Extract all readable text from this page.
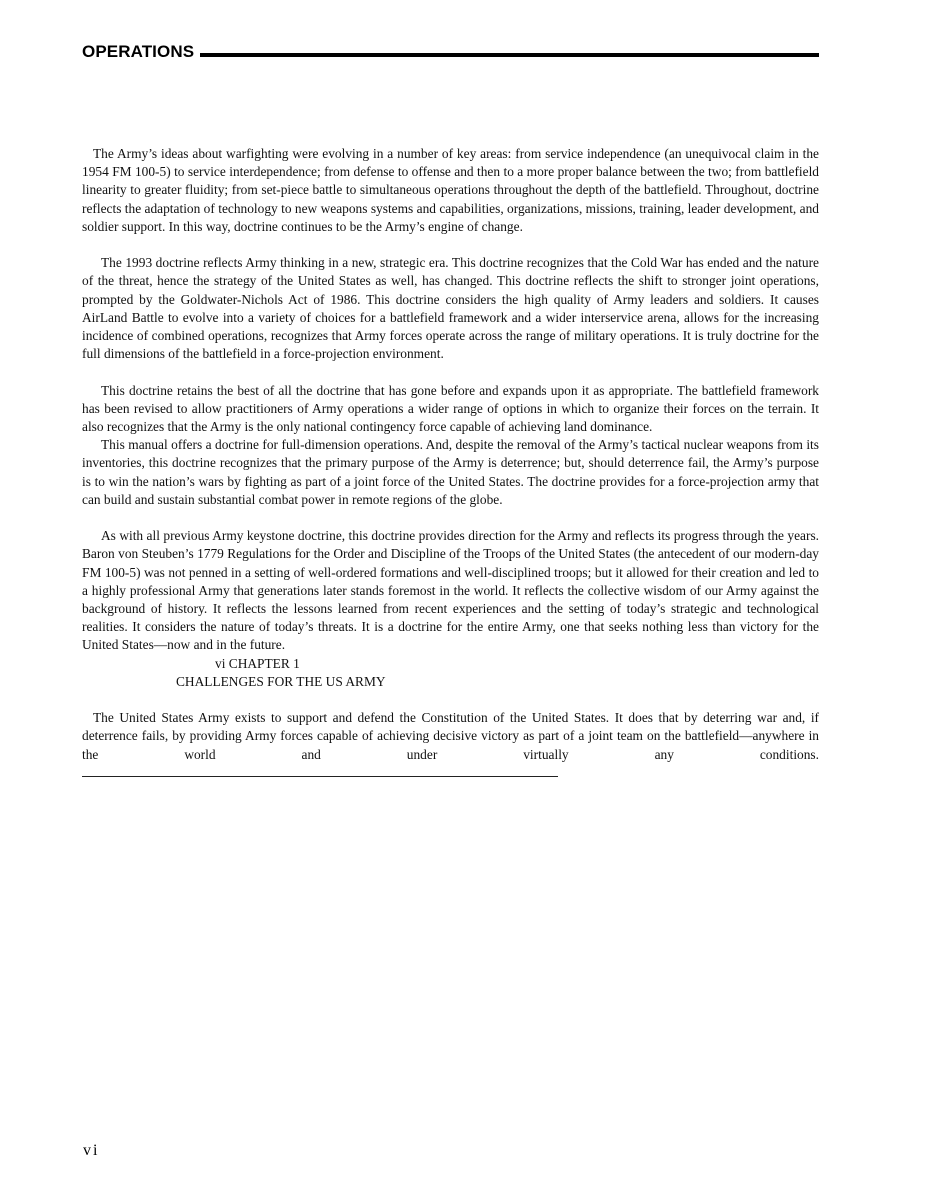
OPERATIONS

The Army’s ideas about warfighting were evolving in a number of key areas: from service independence (an unequivocal claim in the 1954 FM 100-5) to service interdependence; from defense to offense and then to a more proper balance between the two; from battlefield linearity to greater fluidity; from set-piece battle to simultaneous operations throughout the depth of the battlefield. Throughout, doctrine reflects the adaptation of technology to new weapons systems and capabilities, organizations, missions, training, leader development, and soldier support. In this way, doctrine continues to be the Army’s engine of change.

The 1993 doctrine reflects Army thinking in a new, strategic era. This doctrine recognizes that the Cold War has ended and the nature of the threat, hence the strategy of the United States as well, has changed. This doctrine reflects the shift to stronger joint operations, prompted by the Goldwater-Nichols Act of 1986. This doctrine considers the high quality of Army leaders and soldiers. It causes AirLand Battle to evolve into a variety of choices for a battlefield framework and a wider interservice arena, allows for the increasing incidence of combined operations, recognizes that Army forces operate across the range of military operations. It is truly doctrine for the full dimensions of the battlefield in a force-projection environment.

This doctrine retains the best of all the doctrine that has gone before and expands upon it as appropriate. The battlefield framework has been revised to allow practitioners of Army operations a wider range of options in which to organize their forces on the terrain. It also recognizes that the Army is the only national contingency force capable of achieving land dominance.

This manual offers a doctrine for full-dimension operations. And, despite the removal of the Army’s tactical nuclear weapons from its inventories, this doctrine recognizes that the primary purpose of the Army is deterrence; but, should deterrence fail, the Army’s purpose is to win the nation’s wars by fighting as part of a joint force of the United States. The doctrine provides for a force-projection army that can build and sustain substantial combat power in remote regions of the globe.

As with all previous Army keystone doctrine, this doctrine provides direction for the Army and reflects its progress through the years. Baron von Steuben’s 1779 Regulations for the Order and Discipline of the Troops of the United States (the antecedent of our modern-day FM 100-5) was not penned in a setting of well-ordered formations and well-disciplined troops; but it allowed for their creation and led to a highly professional Army that generations later stands foremost in the world. It reflects the collective wisdom of our Army against the background of history. It reflects the lessons learned from recent experiences and the setting of today’s strategic and technological realities. It considers the nature of today’s threats. It is a doctrine for the entire Army, one that seeks nothing less than victory for the United States—now and in the future.

vi CHAPTER 1

CHALLENGES FOR THE US ARMY

The United States Army exists to support and defend the Constitution of the United States. It does that by deterring war and, if deterrence fails, by providing Army forces capable of achieving decisive victory as part of a joint team on the battlefield—anywhere in the world and under virtually any conditions.

vi
